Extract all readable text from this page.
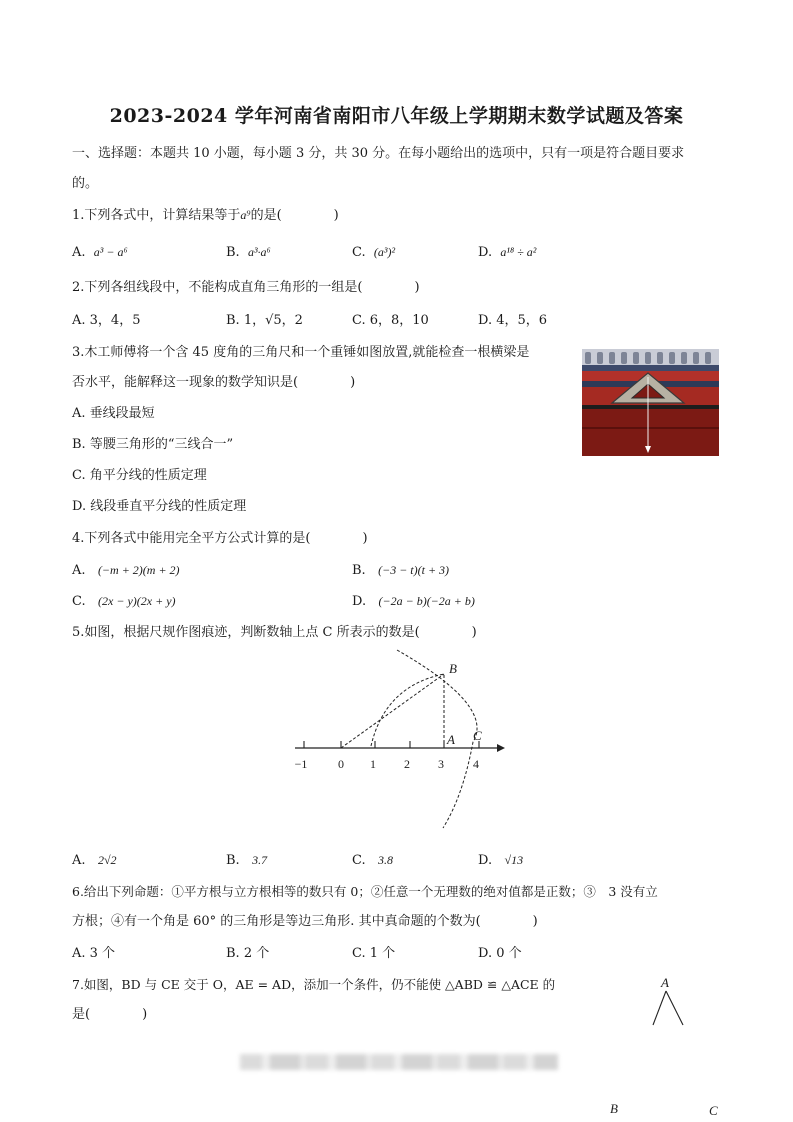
2023-2024 学年河南省南阳市八年级上学期期末数学试题及答案
一、选择题：本题共 10 小题，每小题 3 分，共 30 分。在每小题给出的选项中，只有一项是符合题目要求
的。
1.下列各式中，计算结果等于a⁹的是(　　　　)
A. a³ − a⁶	B. a³·a⁶	C. (a³)²	D. a¹⁸ ÷ a²
2.下列各组线段中，不能构成直角三角形的一组是(　　　　)
A. 3，4，5	B. 1，√5，2	C. 6，8，10	D. 4，5，6
3.木工师傅将一个含 45 度角的三角尺和一个重锤如图放置,就能检查一根横梁是
否水平，能解释这一现象的数学知识是(　　　　)
A. 垂线段最短
B. 等腰三角形的“三线合一”
C. 角平分线的性质定理
D. 线段垂直平分线的性质定理
4.下列各式中能用完全平方公式计算的是(　　　　)
A. (−m + 2)(m + 2)	B. (−3 − t)(t + 3)
C. (2x − y)(2x + y)	D. (−2a − b)(−2a + b)
5.如图，根据尺规作图痕迹，判断数轴上点 C 所表示的数是(　　　　)
−1	0 1 2 3 4
B
A C
A. 2√2	B. 3.7	C. 3.8	D. √13
6.给出下列命题：①平方根与立方根相等的数只有 0；②任意一个无理数的绝对值都是正数；③　3 没有立
方根；④有一个角是 60° 的三角形是等边三角形. 其中真命题的个数为(　　　　)
A. 3 个	B. 2 个	C. 1 个	D. 0 个
7.如图，BD 与 CE 交于 O，AE = AD，添加一个条件，仍不能使 △ABD ≌ △ACE 的
是(　　　　)
A
B	C
